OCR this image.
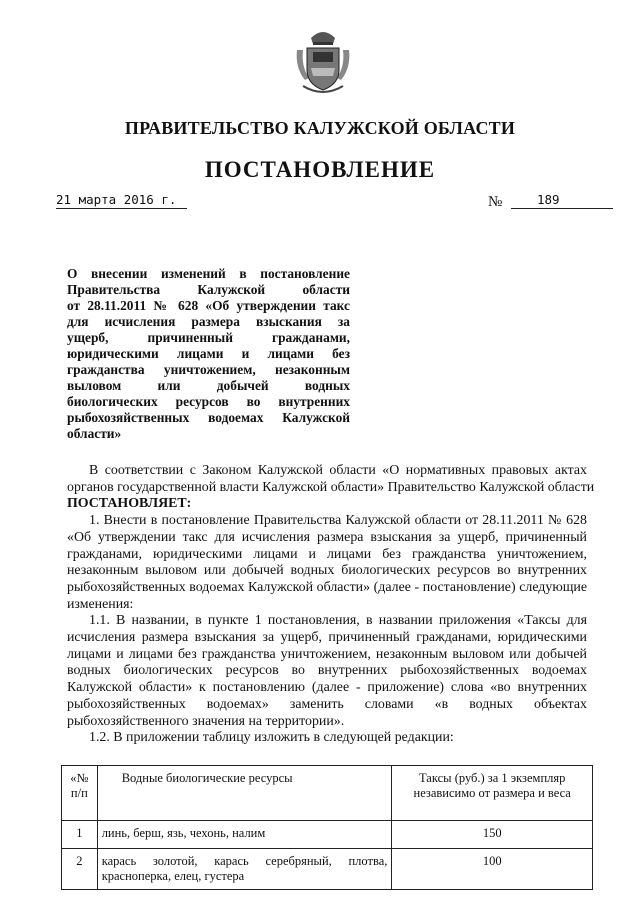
ПРАВИТЕЛЬСТВО КАЛУЖСКОЙ ОБЛАСТИ
ПОСТАНОВЛЕНИЕ
21 марта 2016 г.	№	189
О внесении изменений в постановление
Правительства Калужской области
от 28.11.2011 № 628 «Об утверждении такс
для исчисления размера взыскания за
ущерб, причиненный гражданами,
юридическими лицами и лицами без
гражданства уничтожением, незаконным
выловом или добычей водных
биологических ресурсов во внутренних
рыбохозяйственных водоемах Калужской
области»
В соответствии с Законом Калужской области «О нормативных правовых актах
органов государственной власти Калужской области» Правительство Калужской области
ПОСТАНОВЛЯЕТ:
1. Внести в постановление Правительства Калужской области от 28.11.2011 № 628
«Об утверждении такс для исчисления размера взыскания за ущерб, причиненный
гражданами, юридическими лицами и лицами без гражданства уничтожением,
незаконным выловом или добычей водных биологических ресурсов во внутренних
рыбохозяйственных водоемах Калужской области» (далее - постановление) следующие
изменения:
1.1. В названии, в пункте 1 постановления, в названии приложения «Таксы для
исчисления размера взыскания за ущерб, причиненный гражданами, юридическими
лицами и лицами без гражданства уничтожением, незаконным выловом или добычей
водных биологических ресурсов во внутренних рыбохозяйственных водоемах
Калужской области» к постановлению (далее - приложение) слова «во внутренних
рыбохозяйственных водоемах» заменить словами «в водных объектах
рыбохозяйственного значения на территории».
1.2. В приложении таблицу изложить в следующей редакции:
«№ п/п	Водные биологические ресурсы	Таксы (руб.) за 1 экземпляр независимо от размера и веса
1	линь, берш, язь, чехонь, налим	150
2	карась золотой, карась серебряный, плотва, красноперка, елец, густера	100
